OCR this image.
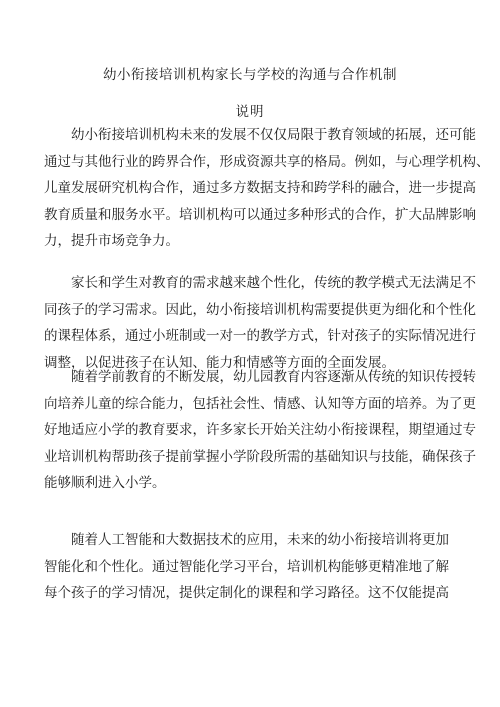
幼小衔接培训机构家长与学校的沟通与合作机制
说明
幼小衔接培训机构未来的发展不仅仅局限于教育领域的拓展，还可能
通过与其他行业的跨界合作，形成资源共享的格局。例如，与心理学机构、
儿童发展研究机构合作，通过多方数据支持和跨学科的融合，进一步提高
教育质量和服务水平。培训机构可以通过多种形式的合作，扩大品牌影响
力，提升市场竞争力。
家长和学生对教育的需求越来越个性化，传统的教学模式无法满足不
同孩子的学习需求。因此，幼小衔接培训机构需要提供更为细化和个性化
的课程体系，通过小班制或一对一的教学方式，针对孩子的实际情况进行
调整，以促进孩子在认知、能力和情感等方面的全面发展。
随着学前教育的不断发展，幼儿园教育内容逐渐从传统的知识传授转
向培养儿童的综合能力，包括社会性、情感、认知等方面的培养。为了更
好地适应小学的教育要求，许多家长开始关注幼小衔接课程，期望通过专
业培训机构帮助孩子提前掌握小学阶段所需的基础知识与技能，确保孩子
能够顺利进入小学。
随着人工智能和大数据技术的应用，未来的幼小衔接培训将更加
智能化和个性化。通过智能化学习平台，培训机构能够更精准地了解
每个孩子的学习情况，提供定制化的课程和学习路径。这不仅能提高
